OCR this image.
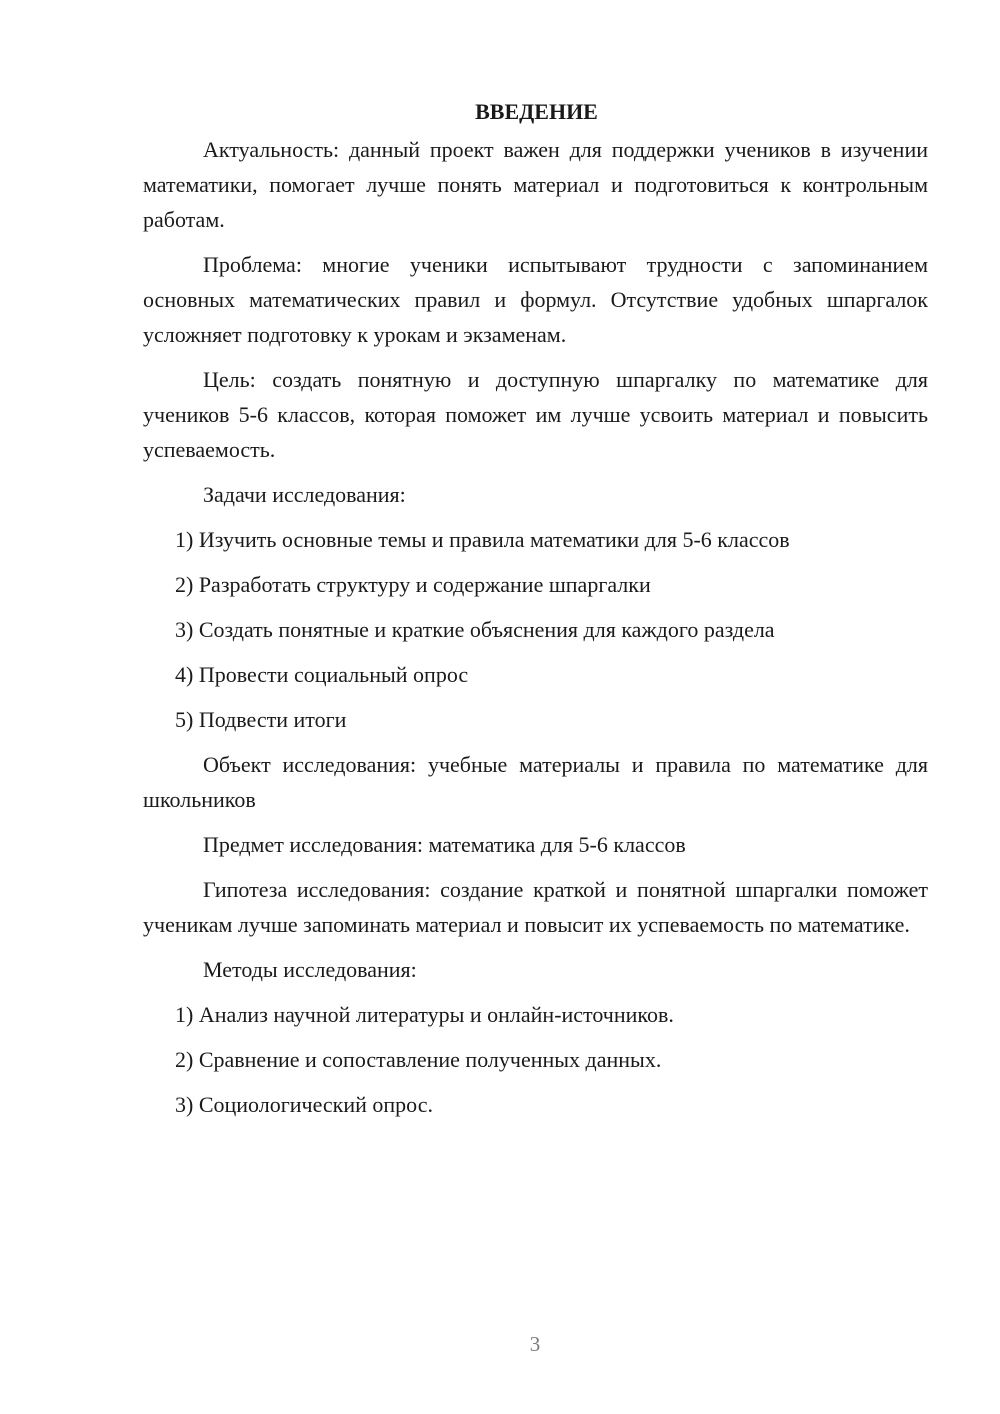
ВВЕДЕНИЕ
Актуальность: данный проект важен для поддержки учеников в изучении математики, помогает лучше понять материал и подготовиться к контрольным работам.
Проблема: многие ученики испытывают трудности с запоминанием основных математических правил и формул. Отсутствие удобных шпаргалок усложняет подготовку к урокам и экзаменам.
Цель: создать понятную и доступную шпаргалку по математике для учеников 5-6 классов, которая поможет им лучше усвоить материал и повысить успеваемость.
Задачи исследования:
1) Изучить основные темы и правила математики для 5-6 классов
2) Разработать структуру и содержание шпаргалки
3) Создать понятные и краткие объяснения для каждого раздела
4) Провести социальный опрос
5) Подвести итоги
Объект исследования: учебные материалы и правила по математике для школьников
Предмет исследования: математика для 5-6 классов
Гипотеза исследования: создание краткой и понятной шпаргалки поможет ученикам лучше запоминать материал и повысит их успеваемость по математике.
Методы исследования:
1) Анализ научной литературы и онлайн-источников.
2) Сравнение и сопоставление полученных данных.
3) Социологический опрос.
3
